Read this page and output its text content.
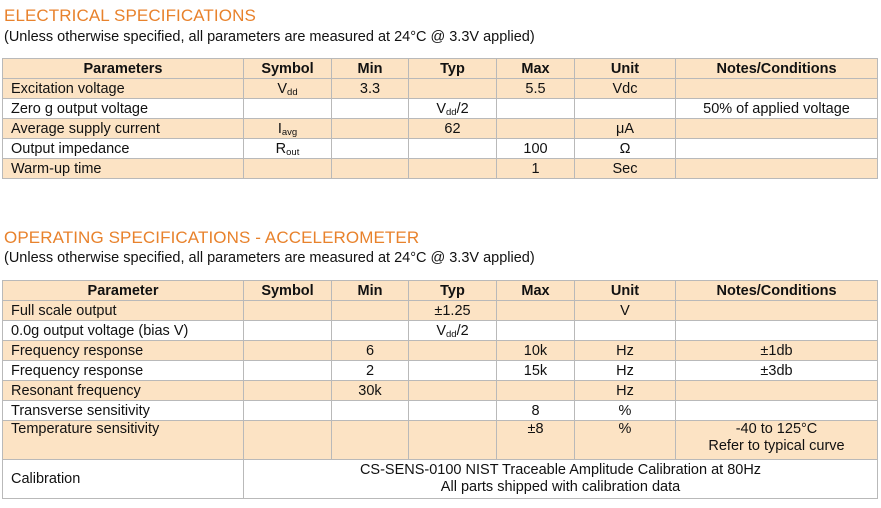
ELECTRICAL SPECIFICATIONS
(Unless otherwise specified, all parameters are measured at 24°C @ 3.3V applied)
Parameters	Symbol	Min	Typ	Max	Unit	Notes/Conditions
Excitation voltage	$V_{dd}$	3.3		5.5	Vdc	
Zero g output voltage			$V_{dd}/2$			50% of applied voltage
Average supply current	$I_{avg}$		62		μA	
Output impedance	$R_{out}$			100	Ω	
Warm-up time				1	Sec	
OPERATING SPECIFICATIONS - ACCELEROMETER
(Unless otherwise specified, all parameters are measured at 24°C @ 3.3V applied)
Parameter	Symbol	Min	Typ	Max	Unit	Notes/Conditions
Full scale output			±1.25		V	
0.0g output voltage (bias V)			$V_{dd}/2$			
Frequency response		6		10k	Hz	±1db
Frequency response		2		15k	Hz	±3db
Resonant frequency		30k			Hz	
Transverse sensitivity				8	%	
Temperature sensitivity				±8	%	-40 to 125°C
Refer to typical curve

Calibration	CS-SENS-0100 NIST Traceable Amplitude Calibration at 80Hz
All parts shipped with calibration data					
